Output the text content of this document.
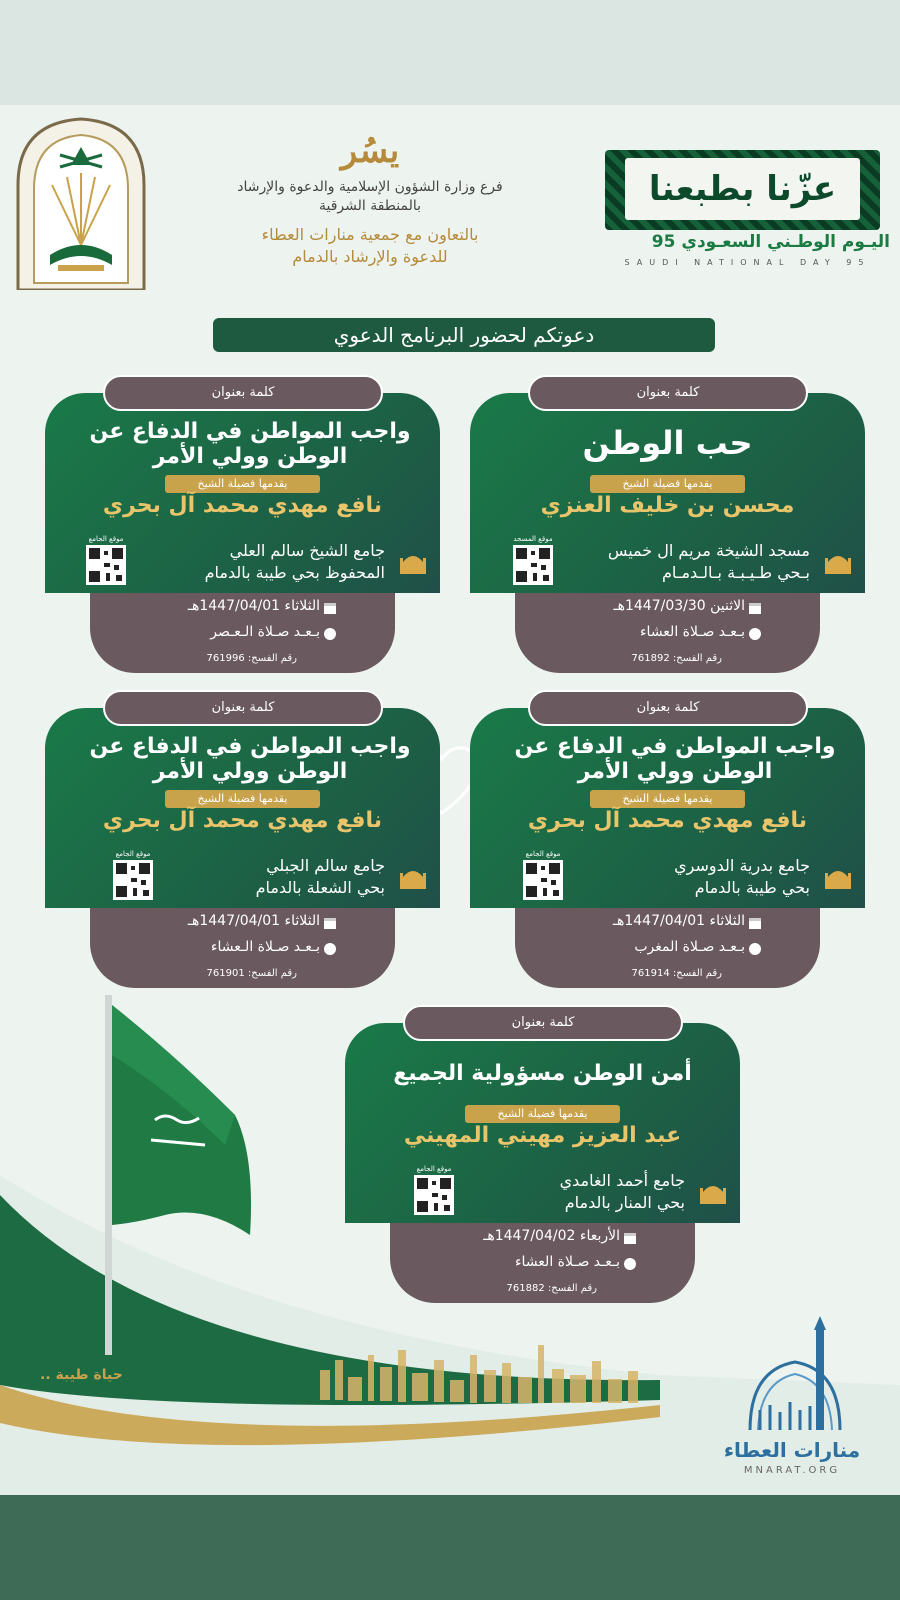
يسُر
فرع وزارة الشؤون الإسلامية والدعوة والإرشاد
بالمنطقة الشرقية
بالتعاون مع جمعية منارات العطاء
للدعوة والإرشاد بالدمام
عزّنا بطبعنا
اليـوم الوطـني السعـودي 95
SAUDI NATIONAL DAY 95
دعوتكم لحضور البرنامج الدعوي
حياة طيبة ..
كلمة بعنوان
حب الوطن
يقدمها فضيلة الشيخ
محسن بن خليف العنزي
مسجد الشيخة مريم ال خميس
بـحي طـيـبـة بـالـدمـام
موقع المسجد
الاثنين 1447/03/30هـ
بـعـد صـلاة العشاء
رقم الفسح: 761892
كلمة بعنوان
واجب المواطن في الدفاع عن الوطن وولي الأمر
يقدمها فضيلة الشيخ
نافع مهدي محمد آل بحري
جامع الشيخ سالم العلي
المحفوظ بحي طيبة بالدمام
موقع الجامع
الثلاثاء 1447/04/01هـ
بـعـد صـلاة الـعـصر
رقم الفسح: 761996
كلمة بعنوان
واجب المواطن في الدفاع عن الوطن وولي الأمر
يقدمها فضيلة الشيخ
نافع مهدي محمد آل بحري
جامع بدرية الدوسري
بحي طيبة بالدمام
موقع الجامع
الثلاثاء 1447/04/01هـ
بـعـد صـلاة المغرب
رقم الفسح: 761914
كلمة بعنوان
واجب المواطن في الدفاع عن الوطن وولي الأمر
يقدمها فضيلة الشيخ
نافع مهدي محمد آل بحري
جامع سالم الجبلي
بحي الشعلة بالدمام
موقع الجامع
الثلاثاء 1447/04/01هـ
بـعـد صـلاة الـعشاء
رقم الفسح: 761901
كلمة بعنوان
أمن الوطن مسؤولية الجميع
يقدمها فضيلة الشيخ
عبد العزيز مهيني المهيني
جامع أحمد الغامدي
بحي المنار بالدمام
موقع الجامع
الأربعاء 1447/04/02هـ
بـعـد صـلاة العشاء
رقم الفسح: 761882
منارات العطاء
MNARAT.ORG
